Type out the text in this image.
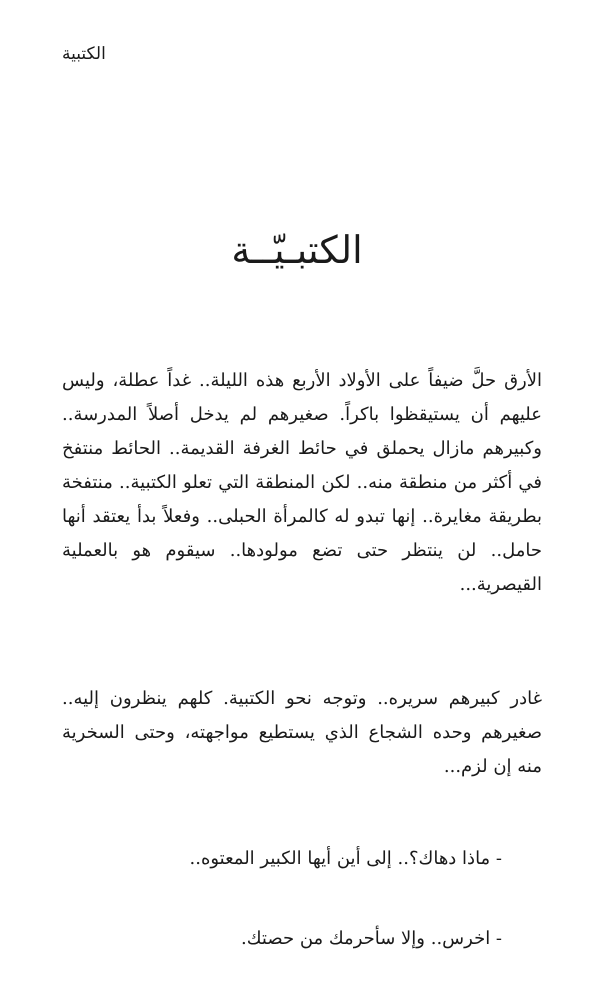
الكتبية
الكتبـيّــة

الأرق حلَّ ضيفاً على الأولاد الأربع هذه الليلة.. غداً عطلة، وليس عليهم أن يستيقظوا باكراً. صغيرهم لم يدخل أصلاً المدرسة.. وكبيرهم مازال يحملق في حائط الغرفة القديمة.. الحائط منتفخ في أكثر من منطقة منه.. لكن المنطقة التي تعلو الكتبية.. منتفخة بطريقة مغايرة.. إنها تبدو له كالمرأة الحبلى.. وفعلاً بدأ يعتقد أنها حامل.. لن ينتظر حتى تضع مولودها.. سيقوم هو بالعملية القيصرية...

غادر كبيرهم سريره.. وتوجه نحو الكتبية. كلهم ينظرون إليه.. صغيرهم وحده الشجاع الذي يستطيع مواجهته، وحتى السخرية منه إن لزم...

- ماذا دهاك؟.. إلى أين أيها الكبير المعتوه..

- اخرس.. وإلا سأحرمك من حصتك.
